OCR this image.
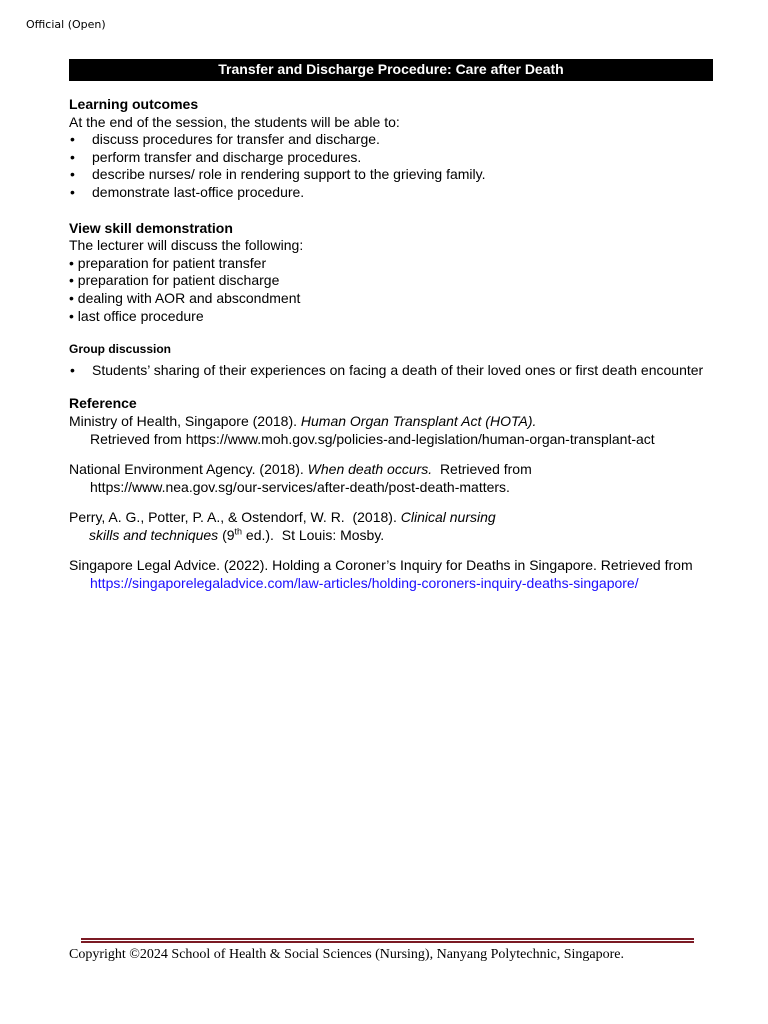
Official (Open)
Transfer and Discharge Procedure: Care after Death

Learning outcomes

At the end of the session, the students will be able to:

• discuss procedures for transfer and discharge.
• perform transfer and discharge procedures.
• describe nurses/ role in rendering support to the grieving family.
• demonstrate last-office procedure.

View skill demonstration

The lecturer will discuss the following:

• preparation for patient transfer
• preparation for patient discharge
• dealing with AOR and abscondment
• last office procedure

Group discussion

• Students’ sharing of their experiences on facing a death of their loved ones or first death encounter

Reference

Ministry of Health, Singapore (2018). Human Organ Transplant Act (HOTA).
Retrieved from https://www.moh.gov.sg/policies-and-legislation/human-organ-transplant-act
National Environment Agency. (2018). When death occurs.  Retrieved from
https://www.nea.gov.sg/our-services/after-death/post-death-matters.
Perry, A. G., Potter, P. A., & Ostendorf, W. R.  (2018). Clinical nursing
skills and techniques (9th ed.).  St Louis: Mosby.
Singapore Legal Advice. (2022). Holding a Coroner’s Inquiry for Deaths in Singapore. Retrieved from
https://singaporelegaladvice.com/law-articles/holding-coroners-inquiry-deaths-singapore/
Copyright ©2024 School of Health & Social Sciences (Nursing), Nanyang Polytechnic, Singapore.
